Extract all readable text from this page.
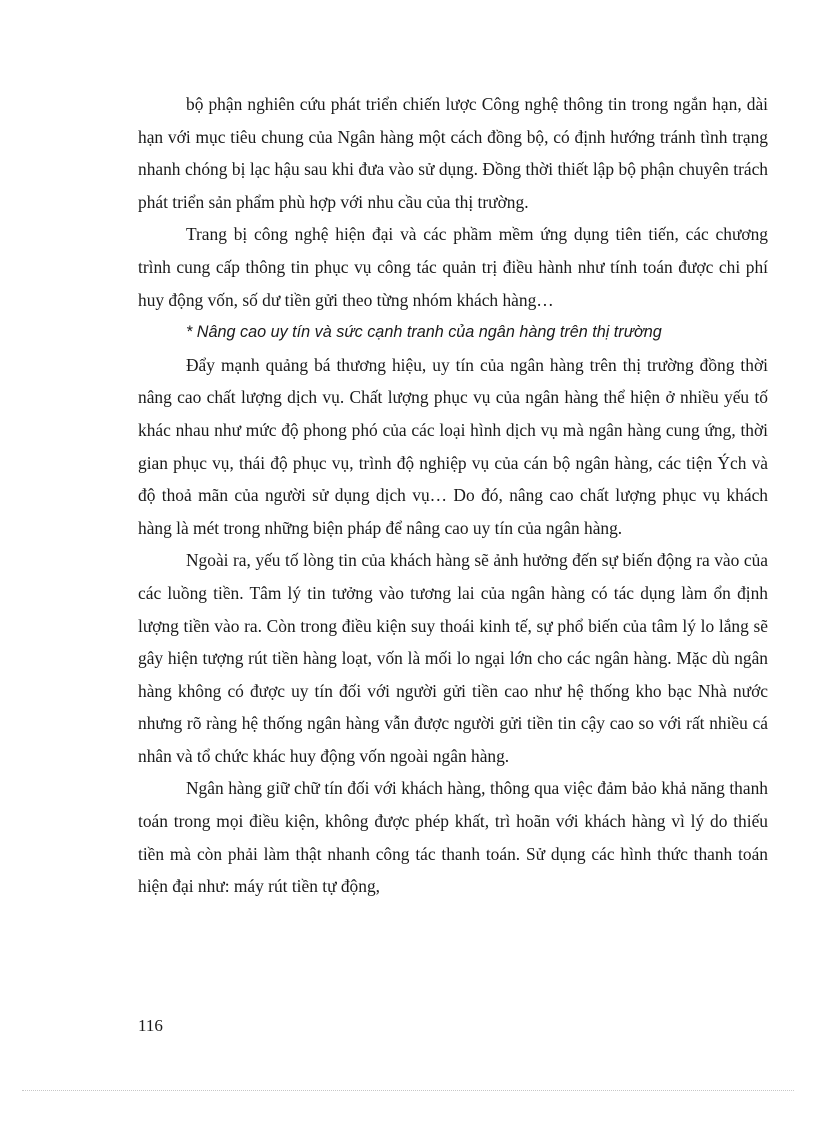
bộ phận nghiên cứu phát triển chiến lược Công nghệ thông tin trong ngắn hạn, dài hạn với mục tiêu chung của Ngân hàng một cách đồng bộ, có định hướng tránh tình trạng nhanh chóng bị lạc hậu sau khi đưa vào sử dụng. Đồng thời thiết lập bộ phận chuyên trách phát triển sản phẩm phù hợp với nhu cầu của thị trường.

Trang bị công nghệ hiện đại và các phầm mềm ứng dụng tiên tiến, các chương trình cung cấp thông tin phục vụ công tác quản trị điều hành như tính toán được chi phí huy động vốn, số dư tiền gửi theo từng nhóm khách hàng…

* Nâng cao uy tín và sức cạnh tranh của ngân hàng trên thị trường

Đẩy mạnh quảng bá thương hiệu, uy tín của ngân hàng trên thị trường đồng thời nâng cao chất lượng dịch vụ. Chất lượng phục vụ của ngân hàng thể hiện ở nhiều yếu tố khác nhau như mức độ phong phó của các loại hình dịch vụ mà ngân hàng cung ứng, thời gian phục vụ, thái độ phục vụ, trình độ nghiệp vụ của cán bộ ngân hàng, các tiện Ých và độ thoả mãn của người sử dụng dịch vụ… Do đó, nâng cao chất lượng phục vụ khách hàng là mét trong những biện pháp để nâng cao uy tín của ngân hàng.

Ngoài ra, yếu tố lòng tin của khách hàng sẽ ảnh hưởng đến sự biến động ra vào của các luồng tiền. Tâm lý tin tưởng vào tương lai của ngân hàng có tác dụng làm ổn định lượng tiền vào ra. Còn trong điều kiện suy thoái kinh tế, sự phổ biến của tâm lý lo lắng sẽ gây hiện tượng rút tiền hàng loạt, vốn là mối lo ngại lớn cho các ngân hàng. Mặc dù ngân hàng không có được uy tín đối với người gửi tiền cao như hệ thống kho bạc Nhà nước nhưng rõ ràng hệ thống ngân hàng vẫn được người gửi tiền tin cậy cao so với rất nhiều cá nhân và tổ chức khác huy động vốn ngoài ngân hàng.

Ngân hàng giữ chữ tín đối với khách hàng, thông qua việc đảm bảo khả năng thanh toán trong mọi điều kiện, không được phép khất, trì hoãn với khách hàng vì lý do thiếu tiền mà còn phải làm thật nhanh công tác thanh toán. Sử dụng các hình thức thanh toán hiện đại như: máy rút tiền tự động,

116
